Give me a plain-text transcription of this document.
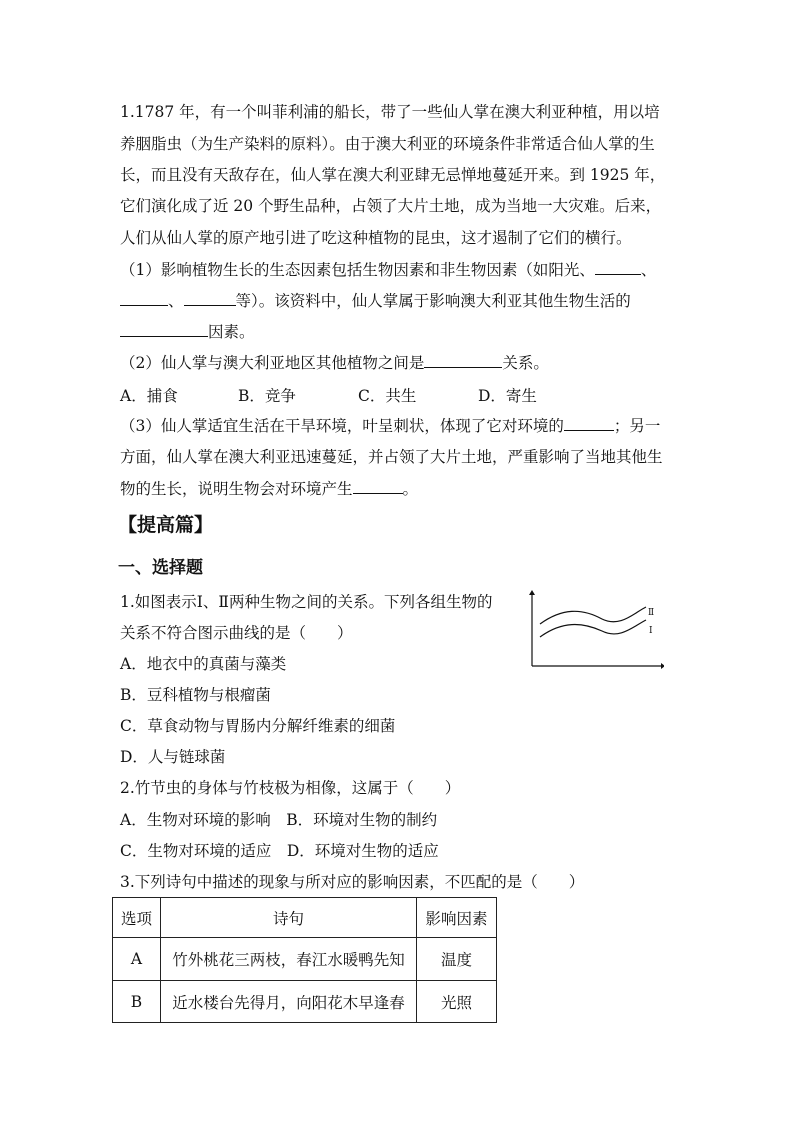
1.1787 年，有一个叫菲利浦的船长，带了一些仙人掌在澳大利亚种植，用以培
养胭脂虫（为生产染料的原料）。由于澳大利亚的环境条件非常适合仙人掌的生
长，而且没有天敌存在，仙人掌在澳大利亚肆无忌惮地蔓延开来。到 1925 年，
它们演化成了近 20 个野生品种，占领了大片土地，成为当地一大灾难。后来，
人们从仙人掌的原产地引进了吃这种植物的昆虫，这才遏制了它们的横行。
（1）影响植物生长的生态因素包括生物因素和非生物因素（如阳光、	、
、	等）。该资料中，仙人掌属于影响澳大利亚其他生物生活的
因素。
（2）仙人掌与澳大利亚地区其他植物之间是	关系。
A．捕食	B．竞争	C．共生	D．寄生
（3）仙人掌适宜生活在干旱环境，叶呈刺状，体现了它对环境的	；另一
方面，仙人掌在澳大利亚迅速蔓延，并占领了大片土地，严重影响了当地其他生
物的生长，说明生物会对环境产生	。
【提高篇】
一、选择题
1.如图表示Ⅰ、Ⅱ两种生物之间的关系。下列各组生物的
关系不符合图示曲线的是（　　）
Ⅱ
Ⅰ
A．地衣中的真菌与藻类
B．豆科植物与根瘤菌
C．草食动物与胃肠内分解纤维素的细菌
D．人与链球菌
2.竹节虫的身体与竹枝极为相像，这属于（　　）
A．生物对环境的影响　B．环境对生物的制约
C．生物对环境的适应　D．环境对生物的适应
3.下列诗句中描述的现象与所对应的影响因素，不匹配的是（　　）
选项	诗句	影响因素
A	竹外桃花三两枝，春江水暖鸭先知	温度
B	近水楼台先得月，向阳花木早逢春	光照
